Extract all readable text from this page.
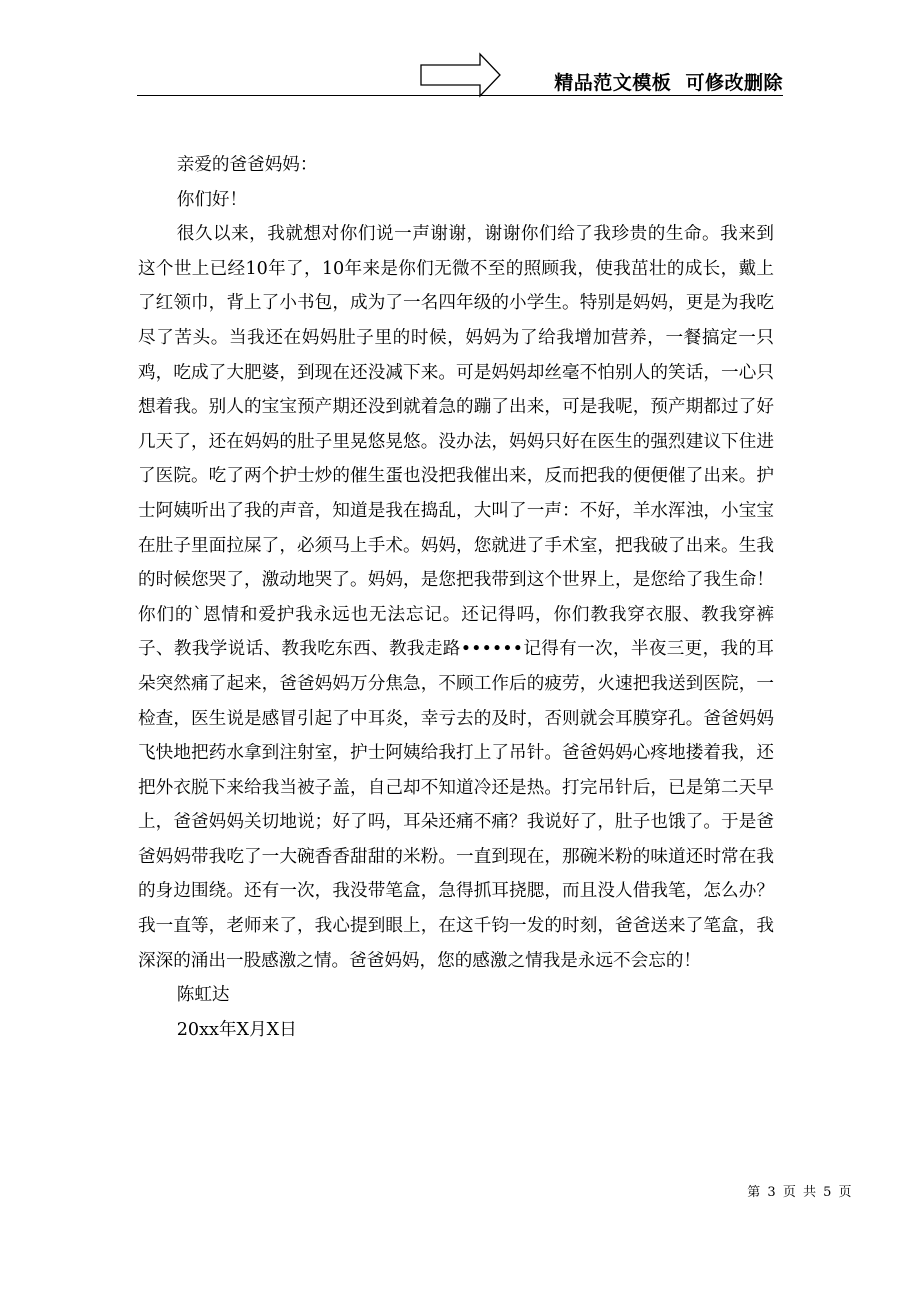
精品范文模板  可修改删除

亲爱的爸爸妈妈：

你们好！

很久以来，我就想对你们说一声谢谢，谢谢你们给了我珍贵的生命。我来到这个世上已经10年了，10年来是你们无微不至的照顾我，使我茁壮的成长，戴上了红领巾，背上了小书包，成为了一名四年级的小学生。特别是妈妈，更是为我吃尽了苦头。当我还在妈妈肚子里的时候，妈妈为了给我增加营养，一餐搞定一只鸡，吃成了大肥婆，到现在还没减下来。可是妈妈却丝毫不怕别人的笑话，一心只想着我。别人的宝宝预产期还没到就着急的蹦了出来，可是我呢，预产期都过了好几天了，还在妈妈的肚子里晃悠晃悠。没办法，妈妈只好在医生的强烈建议下住进了医院。吃了两个护士炒的催生蛋也没把我催出来，反而把我的便便催了出来。护士阿姨听出了我的声音，知道是我在捣乱，大叫了一声：不好，羊水浑浊，小宝宝在肚子里面拉屎了，必须马上手术。妈妈，您就进了手术室，把我破了出来。生我的时候您哭了，激动地哭了。妈妈，是您把我带到这个世界上，是您给了我生命！你们的`恩情和爱护我永远也无法忘记。还记得吗，你们教我穿衣服、教我穿裤子、教我学说话、教我吃东西、教我走路••••••记得有一次，半夜三更，我的耳朵突然痛了起来，爸爸妈妈万分焦急，不顾工作后的疲劳，火速把我送到医院，一检查，医生说是感冒引起了中耳炎，幸亏去的及时，否则就会耳膜穿孔。爸爸妈妈飞快地把药水拿到注射室，护士阿姨给我打上了吊针。爸爸妈妈心疼地搂着我，还把外衣脱下来给我当被子盖，自己却不知道冷还是热。打完吊针后，已是第二天早上，爸爸妈妈关切地说；好了吗，耳朵还痛不痛？我说好了，肚子也饿了。于是爸爸妈妈带我吃了一大碗香香甜甜的米粉。一直到现在，那碗米粉的味道还时常在我的身边围绕。还有一次，我没带笔盒，急得抓耳挠腮，而且没人借我笔，怎么办？我一直等，老师来了，我心提到眼上，在这千钧一发的时刻，爸爸送来了笔盒，我深深的涌出一股感激之情。爸爸妈妈，您的感激之情我是永远不会忘的！

陈虹达

20xx年X月X日

第 3 页 共 5 页
